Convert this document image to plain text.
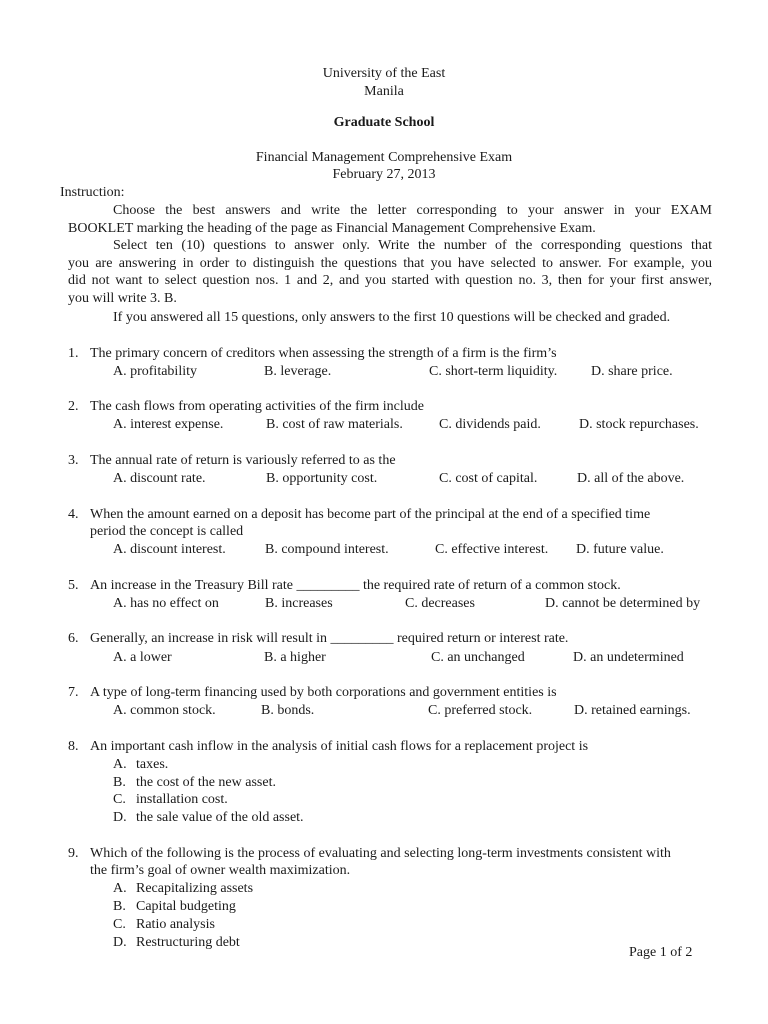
University of the East
Manila
Graduate School
Financial Management Comprehensive Exam
February 27, 2013
Instruction:
Choose the best answers and write the letter corresponding to your answer in your EXAM
BOOKLET marking the heading of the page as Financial Management Comprehensive Exam.
Select ten (10) questions to answer only. Write the number of the corresponding questions that
you are answering in order to distinguish the questions that you have selected to answer. For example, you
did not want to select question nos. 1 and 2, and you started with question no. 3, then for your first answer,
you will write 3. B.
If you answered all 15 questions, only answers to the first 10 questions will be checked and graded.
1. The primary concern of creditors when assessing the strength of a firm is the firm’s
A. profitability	B. leverage.	C. short-term liquidity. D. share price.
2. The cash flows from operating activities of the firm include
A. interest expense.	B. cost of raw materials.	C. dividends paid.	D. stock repurchases.
3. The annual rate of return is variously referred to as the
A. discount rate.	B. opportunity cost.	C. cost of capital.	D. all of the above.
4. When the amount earned on a deposit has become part of the principal at the end of a specified time
period the concept is called
A. discount interest.	B. compound interest.	C. effective interest. D. future value.
5. An increase in the Treasury Bill rate _________ the required rate of return of a common stock.
A. has no effect on	B. increases	C. decreases	D. cannot be determined by
6. Generally, an increase in risk will result in _________ required return or interest rate.
A. a lower	B. a higher	C. an unchanged	D. an undetermined
7. A type of long-term financing used by both corporations and government entities is
A. common stock.	B. bonds.	C. preferred stock.	D. retained earnings.
8. An important cash inflow in the analysis of initial cash flows for a replacement project is
A. taxes.
B. the cost of the new asset.
C. installation cost.
D. the sale value of the old asset.
9. Which of the following is the process of evaluating and selecting long-term investments consistent with
the firm’s goal of owner wealth maximization.
A. Recapitalizing assets
B. Capital budgeting
C. Ratio analysis
D. Restructuring debt
Page 1 of 2
